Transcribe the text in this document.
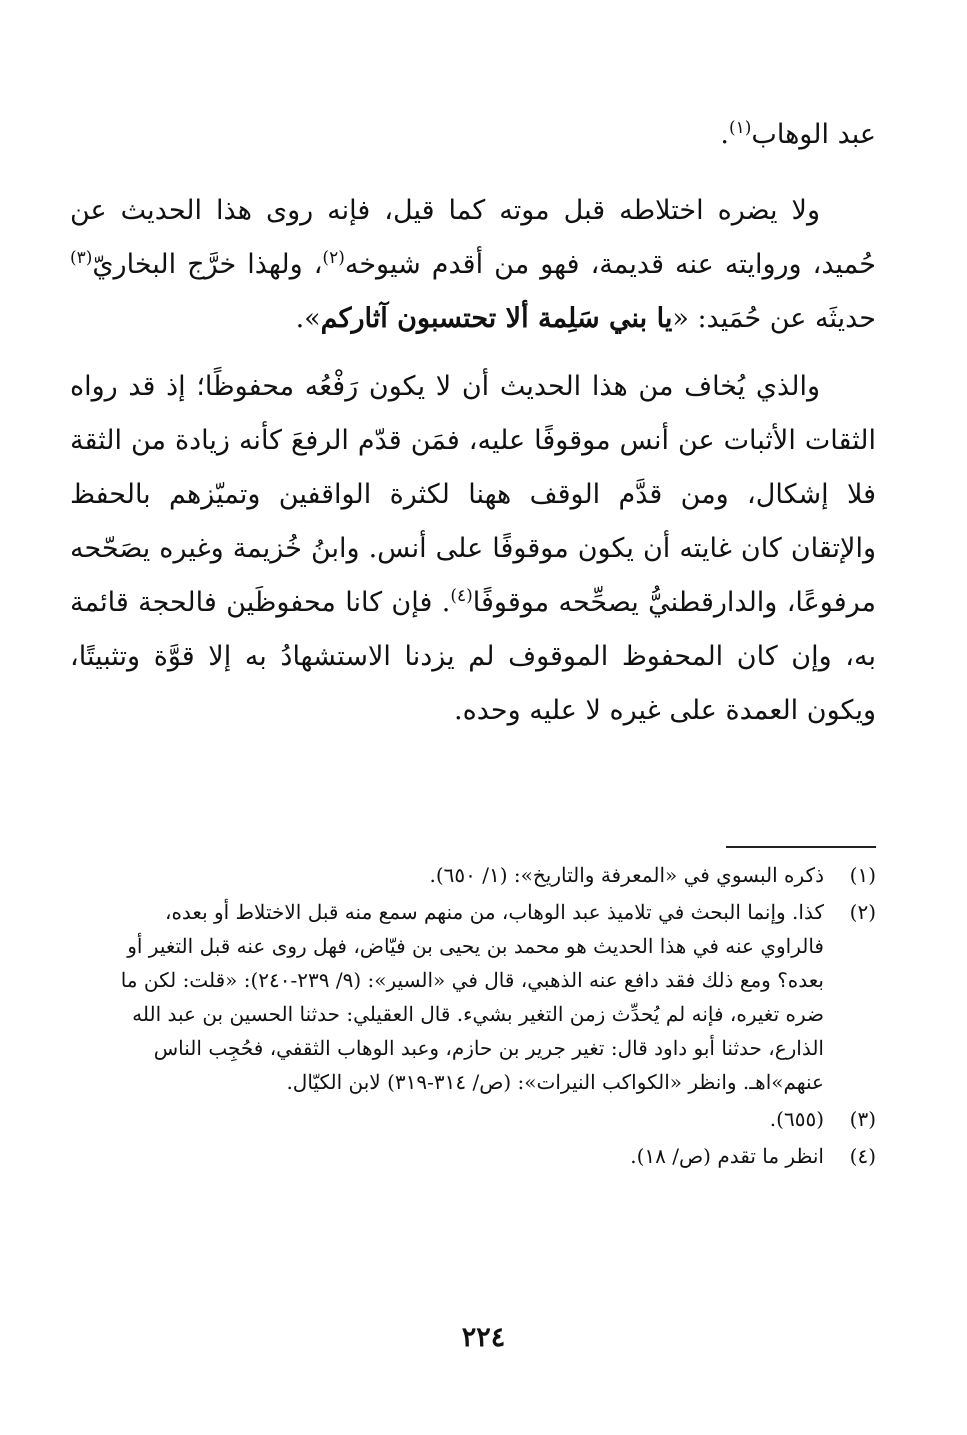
عبد الوهاب$^{(١)}$.

ولا يضره اختلاطه قبل موته كما قيل، فإنه روى هذا الحديث عن حُميد، وروايته عنه قديمة، فهو من أقدم شيوخه$^{(٢)}$، ولهذا خرَّج البخاريّ$^{(٣)}$ حديثَه عن حُمَيد: «يا بني سَلِمة ألا تحتسبون آثاركم».

والذي يُخاف من هذا الحديث أن لا يكون رَفْعُه محفوظًا؛ إذ قد رواه الثقات الأثبات عن أنس موقوفًا عليه، فمَن قدّم الرفعَ كأنه زيادة من الثقة فلا إشكال، ومن قدَّم الوقف ههنا لكثرة الواقفين وتميّزهم بالحفظ والإتقان كان غايته أن يكون موقوفًا على أنس. وابنُ خُزيمة وغيره يصَحّحه مرفوعًا، والدارقطنيُّ يصحِّحه موقوفًا$^{(٤)}$. فإن كانا محفوظَين فالحجة قائمة به، وإن كان المحفوظ الموقوف لم يزدنا الاستشهادُ به إلا قوَّة وتثبيتًا، ويكون العمدة على غيره لا عليه وحده.

(١)
ذكره البسوي في «المعرفة والتاريخ»: (١/ ٦٥٠).
(٢)
كذا. وإنما البحث في تلاميذ عبد الوهاب، من منهم سمع منه قبل الاختلاط أو بعده،
فالراوي عنه في هذا الحديث هو محمد بن يحيى بن فيّاض، فهل روى عنه قبل التغير أو
بعده؟ ومع ذلك فقد دافع عنه الذهبي، قال في «السير»: (٩/ ٢٣٩-٢٤٠): «قلت: لكن ما
ضره تغيره، فإنه لم يُحدِّث زمن التغير بشيء. قال العقيلي: حدثنا الحسين بن عبد الله
الذارع، حدثنا أبو داود قال: تغير جرير بن حازم، وعبد الوهاب الثقفي، فحُجِب الناس
عنهم»اهـ. وانظر «الكواكب النيرات»: (ص/ ٣١٤-٣١٩) لابن الكيّال.
(٣)
(٦٥٥).
(٤)
انظر ما تقدم (ص/ ١٨).
٢٢٤
